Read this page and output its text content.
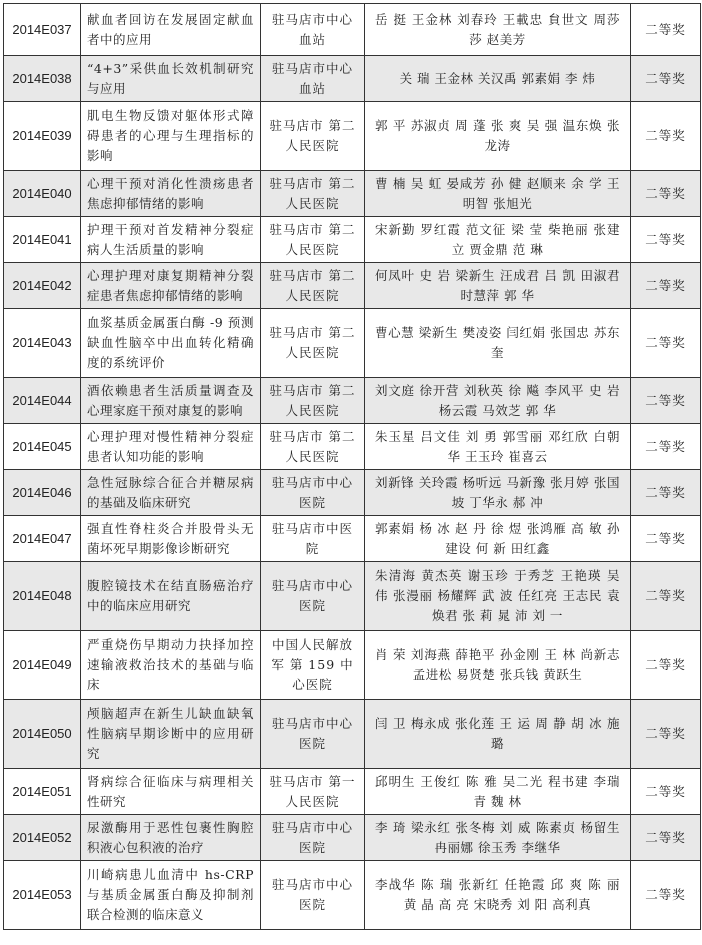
2014E037	献血者回访在发展固定献血者中的应用	驻马店市中心血站	岳 挺 王金林 刘春玲 王載忠 貟世文 周莎莎 赵美芳	二等奖
2014E038	“4+3”采供血长效机制研究与应用	驻马店市中心血站	关 瑞 王金林 关汉禹 郭素娟 李 炜	二等奖
2014E039	肌电生物反馈对躯体形式障碍患者的心理与生理指标的影响	驻马店市 第二人民医院	郭 平 苏淑贞 周 蓬 张 爽 吴 强 温东焕 张龙涛	二等奖
2014E040	心理干预对消化性溃疡患者焦虑抑郁情绪的影响	驻马店市 第二人民医院	曹 楠 吴 虹 晏咸芳 孙 健 赵顺来 余 学 王明智 张旭光	二等奖
2014E041	护理干预对首发精神分裂症病人生活质量的影响	驻马店市 第二人民医院	宋新勤 罗红霞 范文征 梁 莹 柴艳丽 张建立 贾金鼎 范 琳	二等奖
2014E042	心理护理对康复期精神分裂症患者焦虑抑郁情绪的影响	驻马店市 第二人民医院	何凤叶 史 岩 梁新生 汪成君 吕 凯 田淑君 时慧萍 郭 华	二等奖
2014E043	血浆基质金属蛋白酶 -9 预测缺血性脑卒中出血转化精确度的系统评价	驻马店市 第二人民医院	曹心慧 梁新生 樊凌姿 闫红娟 张国忠 苏东奎	二等奖
2014E044	酒依赖患者生活质量调查及心理家庭干预对康复的影响	驻马店市 第二人民医院	刘文庭 徐开营 刘秋英 徐 飚 李风平 史 岩 杨云霞 马效芝 郭 华	二等奖
2014E045	心理护理对慢性精神分裂症患者认知功能的影响	驻马店市 第二人民医院	朱玉星 吕文佳 刘 勇 郭雪丽 邓红欣 白朝华 王玉玲 崔喜云	二等奖
2014E046	急性冠脉综合征合并糖尿病的基础及临床研究	驻马店市中心医院	刘新锋 关玲霞 杨听远 马新豫 张月婷 张国坡 丁华永 郝 冲	二等奖
2014E047	强直性脊柱炎合并股骨头无菌坏死早期影像诊断研究	驻马店市中医院	郭素娟 杨 冰 赵 丹 徐 煜 张鸿雁 高 敏 孙建设 何 新 田红鑫	二等奖
2014E048	腹腔镜技术在结直肠癌治疗中的临床应用研究	驻马店市中心医院	朱清海 黄杰英 谢玉珍 于秀芝 王艳瑛 吴 伟 张漫丽 杨耀辉 武 波 任红亮 王志民 袁焕君 张 莉 晁 沛 刘 一	二等奖
2014E049	严重烧伤早期动力抉择加控速输液救治技术的基础与临床	中国人民解放军 第 159 中心医院	肖 荣 刘海燕 薛艳平 孙金刚 王 林 尚新志 孟进松 易贤楚 张兵钱 黄跃生	二等奖
2014E050	颅脑超声在新生儿缺血缺氧性脑病早期诊断中的应用研究	驻马店市中心医院	闫 卫 梅永成 张化莲 王 运 周 静 胡 冰 施 璐	二等奖
2014E051	肾病综合征临床与病理相关性研究	驻马店市 第一人民医院	邱明生 王俊红 陈 雅 吴二光 程书建 李瑞青 魏 林	二等奖
2014E052	尿激酶用于恶性包裹性胸腔积液心包积液的治疗	驻马店市中心医院	李 琦 梁永红 张冬梅 刘 威 陈素贞 杨留生 冉丽娜 徐玉秀 李继华	二等奖
2014E053	川崎病患儿血清中 hs-CRP 与基质金属蛋白酶及抑制剂联合检测的临床意义	驻马店市中心医院	李战华 陈 瑞 张新红 任艳霞 邱 爽 陈 丽 黄 晶 高 亮 宋晓秀 刘 阳 高利真	二等奖
